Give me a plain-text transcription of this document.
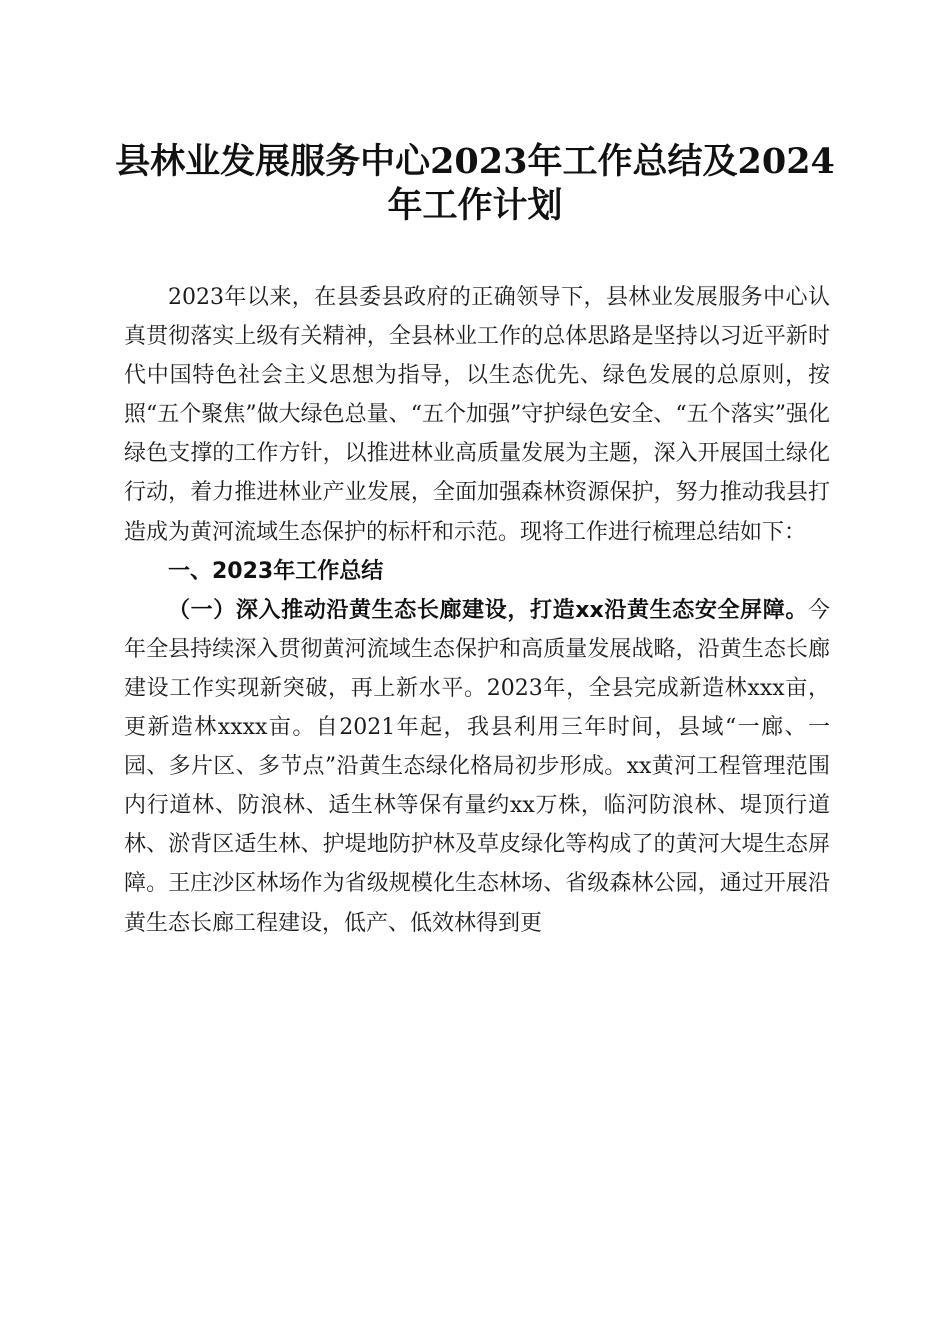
县林业发展服务中心2023年工作总结及2024
年工作计划

2023年以来，在县委县政府的正确领导下，县林业发展服务中心认真贯彻落实上级有关精神，全县林业工作的总体思路是坚持以习近平新时代中国特色社会主义思想为指导，以生态优先、绿色发展的总原则，按照“五个聚焦”做大绿色总量、“五个加强”守护绿色安全、“五个落实”强化绿色支撑的工作方针，以推进林业高质量发展为主题，深入开展国土绿化行动，着力推进林业产业发展，全面加强森林资源保护，努力推动我县打造成为黄河流域生态保护的标杆和示范。现将工作进行梳理总结如下：

一、2023年工作总结

（一）深入推动沿黄生态长廊建设，打造xx沿黄生态安全屏障。今年全县持续深入贯彻黄河流域生态保护和高质量发展战略，沿黄生态长廊建设工作实现新突破，再上新水平。2023年，全县完成新造林xxx亩，更新造林xxxx亩。自2021年起，我县利用三年时间，县域“一廊、一园、多片区、多节点”沿黄生态绿化格局初步形成。xx黄河工程管理范围内行道林、防浪林、适生林等保有量约xx万株，临河防浪林、堤顶行道林、淤背区适生林、护堤地防护林及草皮绿化等构成了的黄河大堤生态屏障。王庄沙区林场作为省级规模化生态林场、省级森林公园，通过开展沿黄生态长廊工程建设，低产、低效林得到更
